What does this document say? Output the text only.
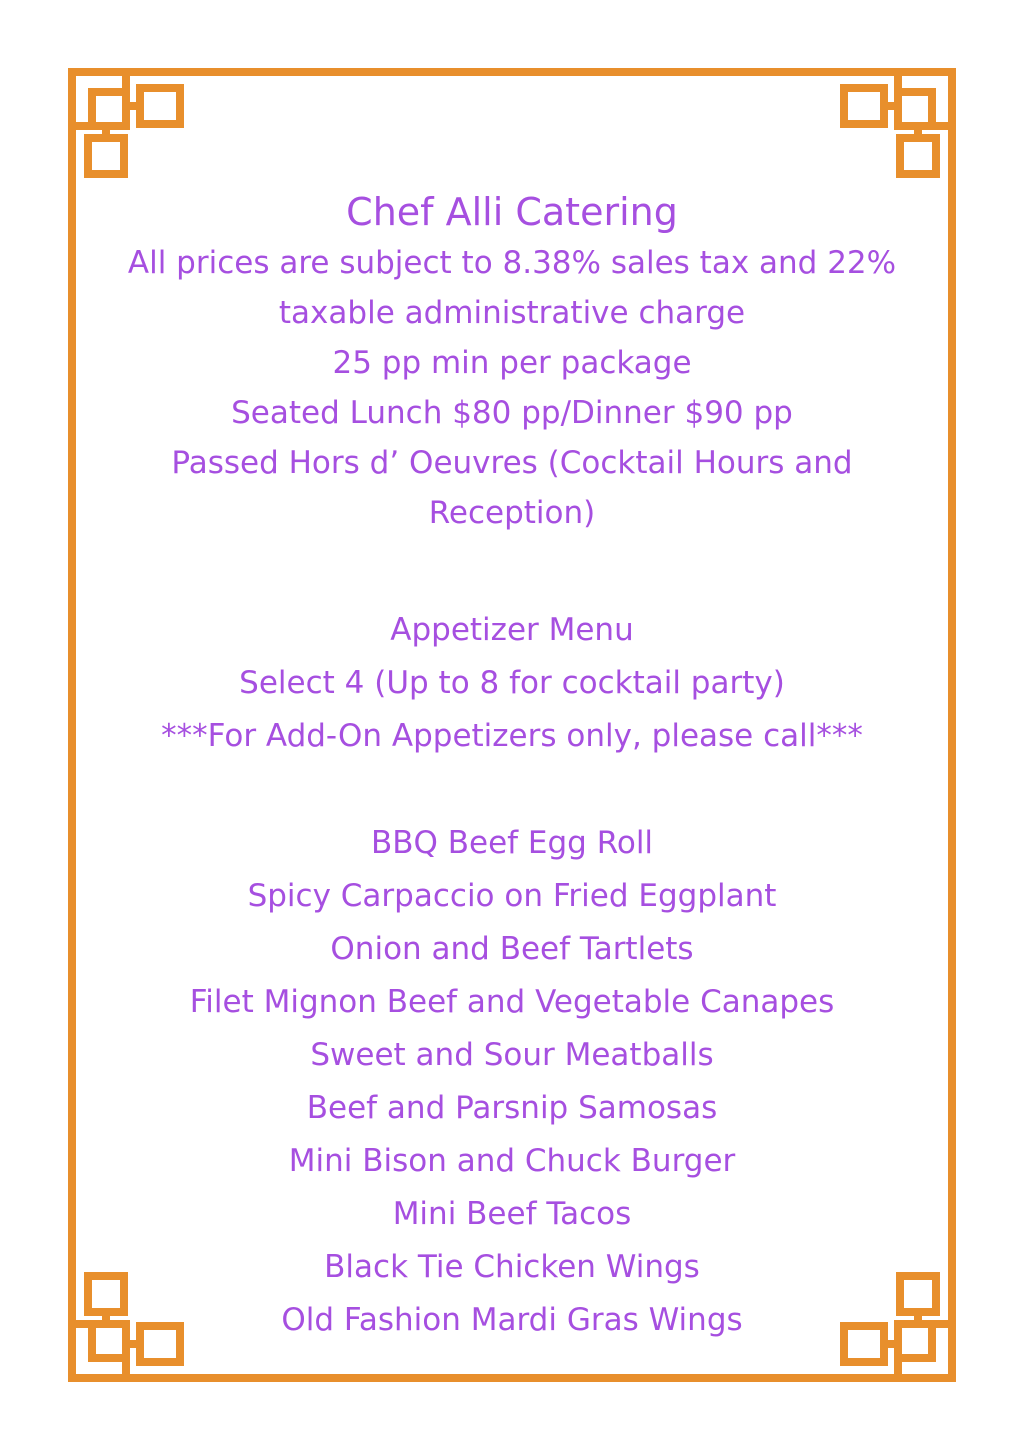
Chef Alli Catering
All prices are subject to 8.38% sales tax and 22%
taxable administrative charge
25 pp min per package
Seated Lunch $80 pp/Dinner $90 pp
Passed Hors d’ Oeuvres (Cocktail Hours and
Reception)
Appetizer Menu
Select 4 (Up to 8 for cocktail party)
***For Add-On Appetizers only, please call***
BBQ Beef Egg Roll
Spicy Carpaccio on Fried Eggplant
Onion and Beef Tartlets
Filet Mignon Beef and Vegetable Canapes
Sweet and Sour Meatballs
Beef and Parsnip Samosas
Mini Bison and Chuck Burger
Mini Beef Tacos
Black Tie Chicken Wings
Old Fashion Mardi Gras Wings
